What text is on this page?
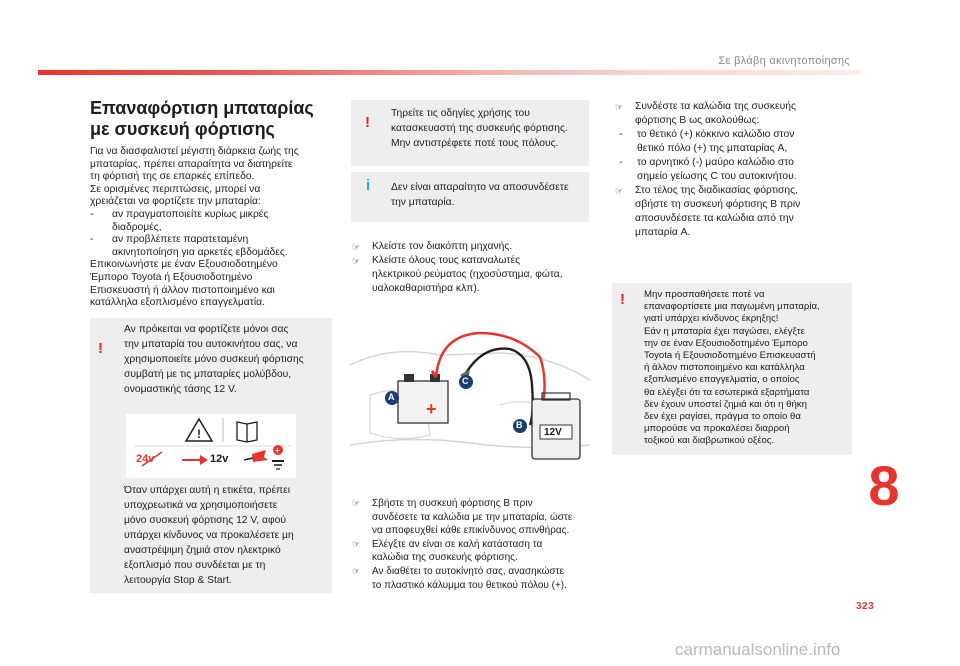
Σε βλάβη ακινητοποίησης
Επαναφόρτιση μπαταρίας
με συσκευή φόρτισης

Για να διασφαλιστεί μέγιστη διάρκεια ζωής της

μπαταρίας, πρέπει απαραίτητα να διατηρείτε

τη φόρτισή της σε επαρκές επίπεδο.

Σε ορισμένες περιπτώσεις, μπορεί να

χρειάζεται να φορτίζετε την μπαταρία:

-	αν πραγματοποιείτε κυρίως μικρές
διαδρομές,
-	αν προβλέπετε παρατεταμένη
ακινητοποίηση για αρκετές εβδομάδες.

Επικοινωνήστε με έναν Εξουσιοδοτημένο

Έμπορο Toyota ή Εξουσιοδοτημένο

Επισκευαστή ή άλλον πιστοποιημένο και

κατάλληλα εξοπλισμένο επαγγελματία.

!

Αν πρόκειται να φορτίζετε μόνοι σας

την μπαταρία του αυτοκινήτου σας, να

χρησιμοποιείτε μόνο συσκευή φόρτισης

συμβατή με τις μπαταρίες μολύβδου,

ονομαστικής τάσης 12 V.

!
+
24v	12v

Όταν υπάρχει αυτή η ετικέτα, πρέπει

υποχρεωτικά να χρησιμοποιήσετε

μόνο συσκευή φόρτισης 12 V, αφού

υπάρχει κίνδυνος να προκαλέσετε μη

αναστρέψιμη ζημιά στον ηλεκτρικό

εξοπλισμό που συνδέεται με τη

λειτουργία Stop & Start.

!

Τηρείτε τις οδηγίες χρήσης του

κατασκευαστή της συσκευής φόρτισης.

Μην αντιστρέφετε ποτέ τους πόλους.

i Δεν είναι απαραίτητο να αποσυνδέσετε

την μπαταρία.

☞	Κλείστε τον διακόπτη μηχανής.
☞	Κλείστε όλους τους καταναλωτές
ηλεκτρικού ρεύματος (ηχοσύστημα, φώτα,
υαλοκαθαριστήρα κλπ).
+
A
C
B
12V
☞	Σβήστε τη συσκευή φόρτισης B πριν
συνδέσετε τα καλώδια με την μπαταρία, ώστε
να αποφευχθεί κάθε επικίνδυνος σπινθήρας.
☞	Ελέγξτε αν είναι σε καλή κατάσταση τα
καλώδια της συσκευής φόρτισης.
☞	Αν διαθέτει το αυτοκίνητό σας, ανασηκώστε
το πλαστικό κάλυμμα του θετικού πόλου (+).
☞	Συνδέστε τα καλώδια της συσκευής
φόρτισης B ως ακολούθως:
-	το θετικό (+) κόκκινο καλώδιο στον
θετικό πόλο (+) της μπαταρίας A,
-	το αρνητικό (-) μαύρο καλώδιο στο
σημείο γείωσης C του αυτοκινήτου.
☞	Στο τέλος της διαδικασίας φόρτισης,
σβήστε τη συσκευή φόρτισης B πριν
αποσυνδέσετε τα καλώδια από την
μπαταρία A.
! Μην προσπαθήσετε ποτέ να

επαναφορτίσετε μια παγωμένη μπαταρία,

γιατί υπάρχει κίνδυνος έκρηξης!

Εάν η μπαταρία έχει παγώσει, ελέγξτε

την σε έναν Εξουσιοδοτημένο Έμπορο

Toyota ή Εξουσιοδοτημένο Επισκευαστή

ή άλλον πιστοποιημένο και κατάλληλα

εξοπλισμένο επαγγελματία, ο οποίος

θα ελέγξει ότι τα εσωτερικά εξαρτήματα

δεν έχουν υποστεί ζημιά και ότι η θήκη

δεν έχει ραγίσει, πράγμα το οποίο θα

μπορούσε να προκαλέσει διαρροή

τοξικού και διαβρωτικού οξέος.

8
323
carmanualsonline.info
